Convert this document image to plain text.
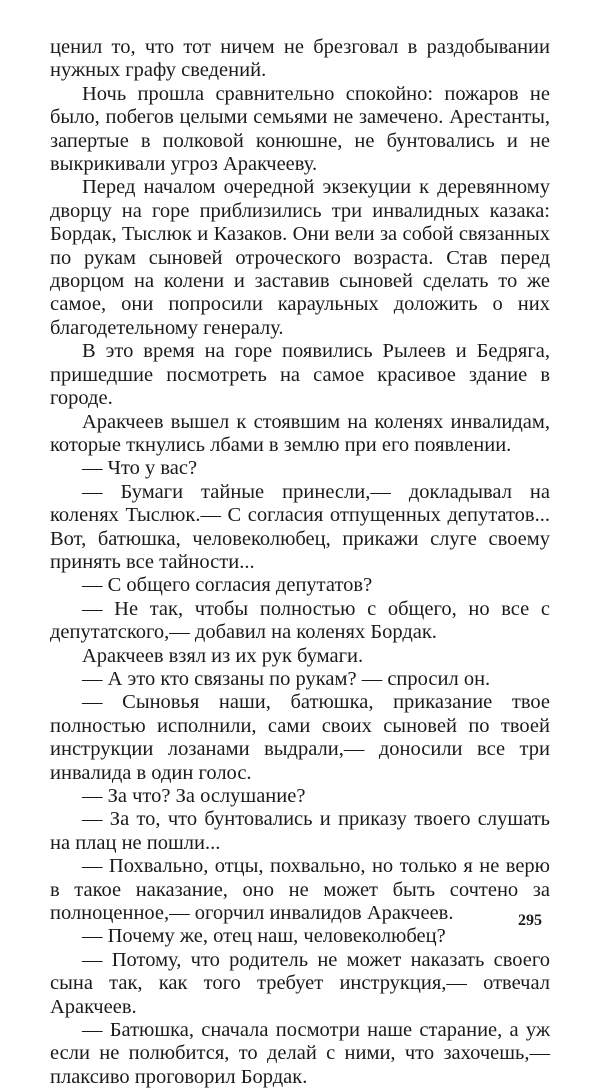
ценил то, что тот ничем не брезговал в раздобывании нужных графу сведений.

Ночь прошла сравнительно спокойно: пожаров не было, побегов целыми семьями не замечено. Арестанты, запертые в полковой конюшне, не бунтовались и не выкрикивали угроз Аракчееву.

Перед началом очередной экзекуции к деревянному дворцу на горе приблизились три инвалидных казака: Бордак, Тыслюк и Казаков. Они вели за собой связанных по рукам сыновей отроческого возраста. Став перед дворцом на колени и заставив сыновей сделать то же самое, они попросили караульных доложить о них благодетельному генералу.

В это время на горе появились Рылеев и Бедряга, пришедшие посмотреть на самое красивое здание в городе.

Аракчеев вышел к стоявшим на коленях инвалидам, которые ткнулись лбами в землю при его появлении.

— Что у вас?

— Бумаги тайные принесли,— докладывал на коленях Тыслюк.— С согласия отпущенных депутатов... Вот, батюшка, человеколюбец, прикажи слуге своему принять все тайности...

— С общего согласия депутатов?

— Не так, чтобы полностью с общего, но все с депутатского,— добавил на коленях Бордак.

Аракчеев взял из их рук бумаги.

— А это кто связаны по рукам? — спросил он.

— Сыновья наши, батюшка, приказание твое полностью исполнили, сами своих сыновей по твоей инструкции лозанами выдрали,— доносили все три инвалида в один голос.

— За что? За ослушание?

— За то, что бунтовались и приказу твоего слушать на плац не пошли...

— Похвально, отцы, похвально, но только я не верю в такое наказание, оно не может быть сочтено за полноценное,— огорчил инвалидов Аракчеев.

— Почему же, отец наш, человеколюбец?

— Потому, что родитель не может наказать своего сына так, как того требует инструкция,— отвечал Аракчеев.

— Батюшка, сначала посмотри наше старание, а уж если не полюбится, то делай с ними, что захочешь,— плаксиво проговорил Бордак.

295
